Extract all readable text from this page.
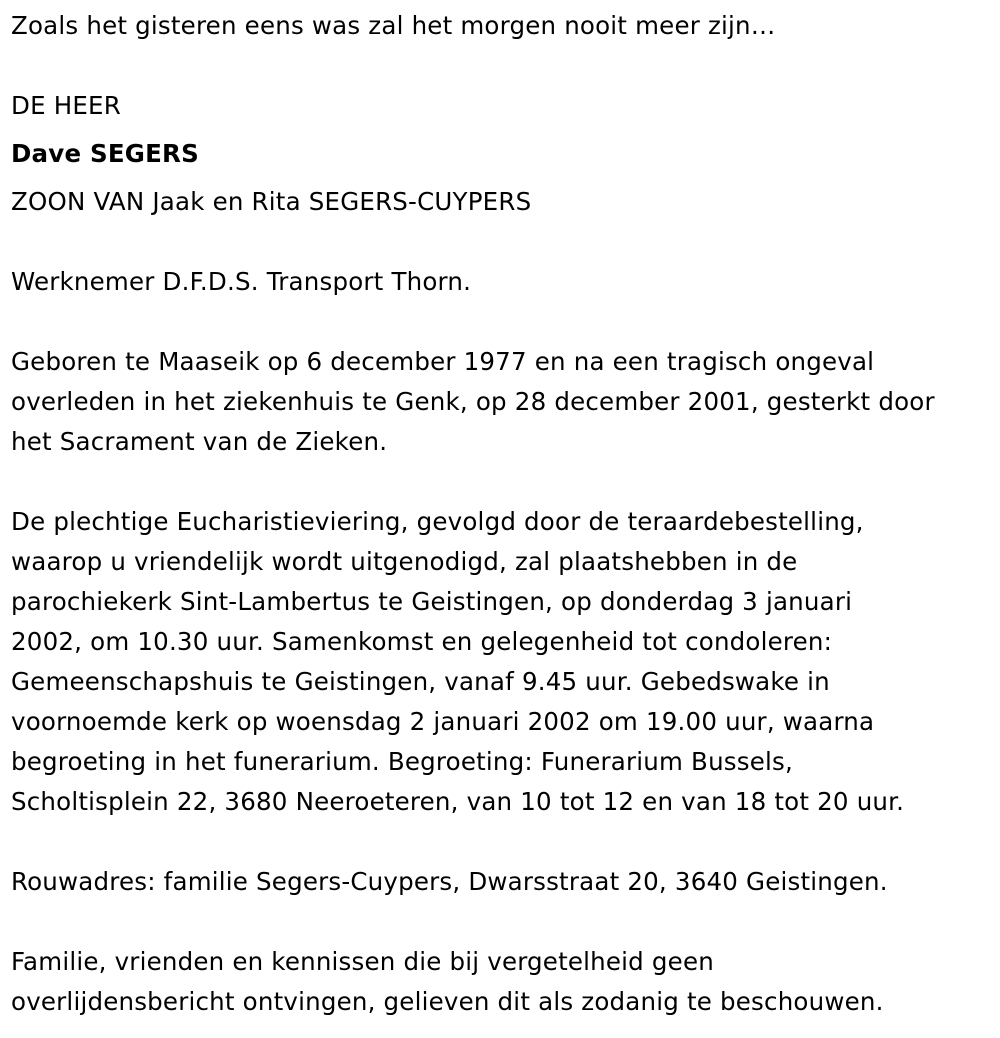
Zoals het gisteren eens was zal het morgen nooit meer zijn…
DE HEER
Dave SEGERS
ZOON VAN Jaak en Rita SEGERS-CUYPERS
Werknemer D.F.D.S. Transport Thorn.
Geboren te Maaseik op 6 december 1977 en na een tragisch ongeval
overleden in het ziekenhuis te Genk, op 28 december 2001, gesterkt door
het Sacrament van de Zieken.
De plechtige Eucharistieviering, gevolgd door de teraardebestelling,
waarop u vriendelijk wordt uitgenodigd, zal plaatshebben in de
parochiekerk Sint-Lambertus te Geistingen, op donderdag 3 januari
2002, om 10.30 uur. Samenkomst en gelegenheid tot condoleren:
Gemeenschapshuis te Geistingen, vanaf 9.45 uur. Gebedswake in
voornoemde kerk op woensdag 2 januari 2002 om 19.00 uur, waarna
begroeting in het funerarium. Begroeting: Funerarium Bussels,
Scholtisplein 22, 3680 Neeroeteren, van 10 tot 12 en van 18 tot 20 uur.
Rouwadres: familie Segers-Cuypers, Dwarsstraat 20, 3640 Geistingen.
Familie, vrienden en kennissen die bij vergetelheid geen
overlijdensbericht ontvingen, gelieven dit als zodanig te beschouwen.
